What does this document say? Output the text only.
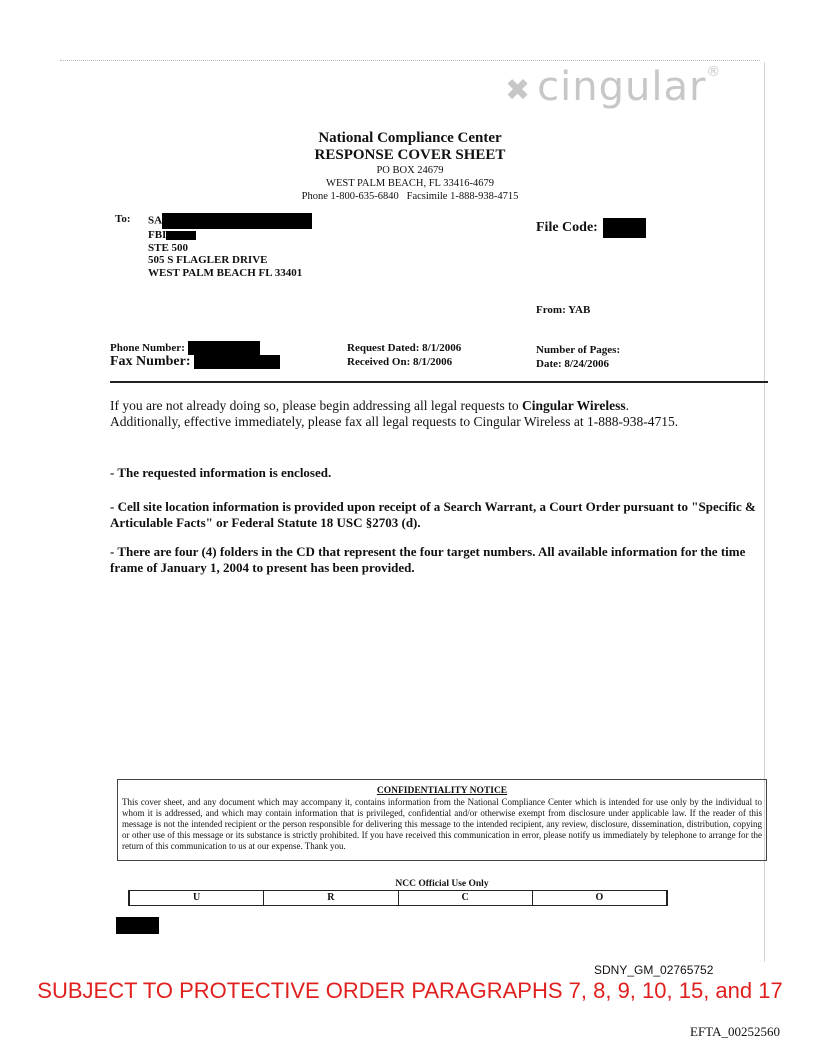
✖ cingular®
National Compliance Center
RESPONSE COVER SHEET
PO BOX 24679
WEST PALM BEACH, FL 33416-4679
Phone 1-800-635-6840   Facsimile 1-888-938-4715
To: SA
FBI
STE 500
505 S FLAGLER DRIVE
WEST PALM BEACH FL 33401
File Code:
From: YAB
Phone Number:
Fax Number:
Request Dated: 8/1/2006
Received On: 8/1/2006
Number of Pages:
Date: 8/24/2006
If you are not already doing so, please begin addressing all legal requests to Cingular Wireless.
Additionally, effective immediately, please fax all legal requests to Cingular Wireless at 1-888-938-4715.
- The requested information is enclosed.
- Cell site location information is provided upon receipt of a Search Warrant, a Court Order pursuant to "Specific & Articulable Facts" or Federal Statute 18 USC §2703 (d).
- There are four (4) folders in the CD that represent the four target numbers. All available information for the time frame of January 1, 2004 to present has been provided.
CONFIDENTIALITY NOTICE
This cover sheet, and any document which may accompany it, contains information from the National Compliance Center which is intended for use only by the individual to whom it is addressed, and which may contain information that is privileged, confidential and/or otherwise exempt from disclosure under applicable law. If the reader of this message is not the intended recipient or the person responsible for delivering this message to the intended recipient, any review, disclosure, dissemination, distribution, copying or other use of this message or its substance is strictly prohibited. If you have received this communication in error, please notify us immediately by telephone to arrange for the return of this communication to us at our expense. Thank you.
NCC Official Use Only
U	R	C	O
SDNY_GM_02765752
SUBJECT TO PROTECTIVE ORDER PARAGRAPHS 7, 8, 9, 10, 15, and 17
EFTA_00252560
